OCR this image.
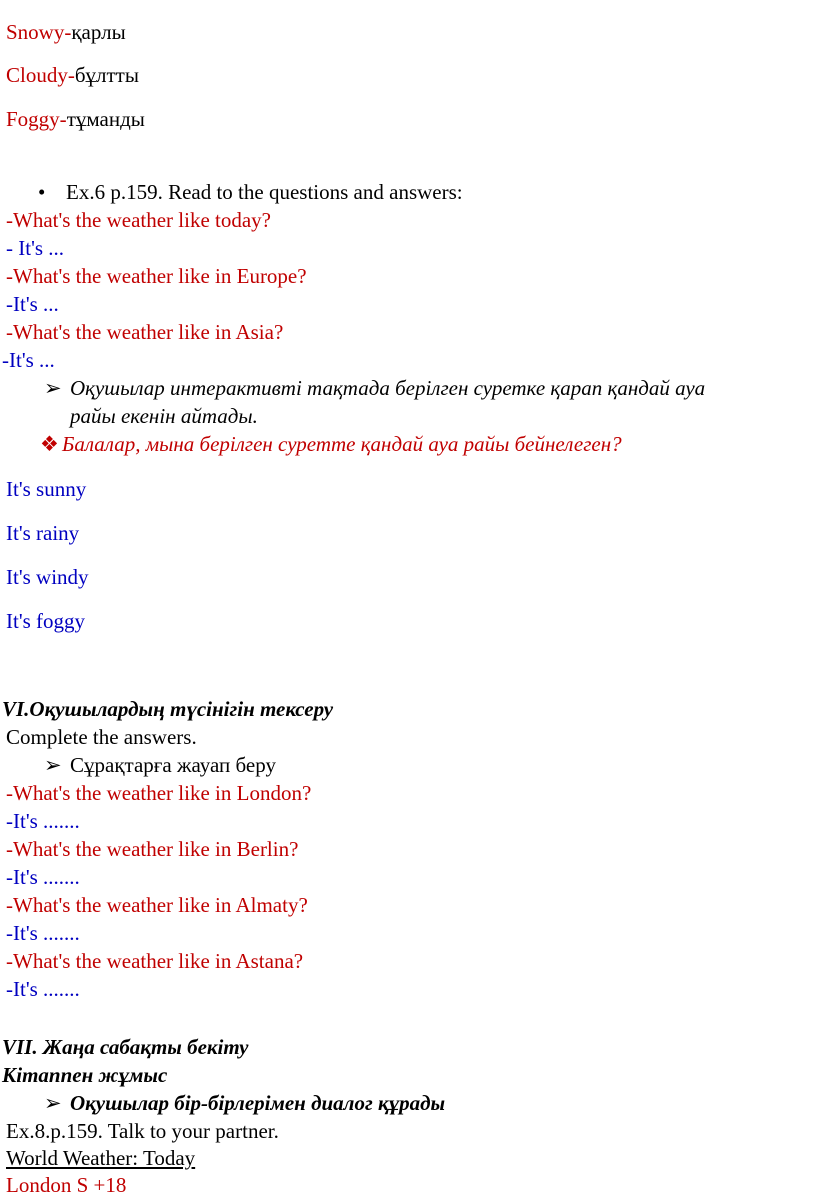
Snowy-қарлы
Cloudy-бұлтты
Foggy-тұманды
• Ex.6 p.159. Read to the questions and answers:
-What's the weather like today?
- It's ...
-What's the weather like in Europe?
-It's ...
-What's the weather like in Asia?
-It's ...
➢ Оқушылар интерактивті тақтада берілген суретке қарап қандай ауа
райы екенін айтады.
❖ Балалар, мына берілген суретте қандай ауа райы бейнелеген?
It's sunny
It's rainy
It's windy
It's foggy
VI.Оқушылардың түсінігін тексеру
Complete the answers.
➢ Сұрақтарға жауап беру
-What's the weather like in London?
-It's .......
-What's the weather like in Berlin?
-It's .......
-What's the weather like in Almaty?
-It's .......
-What's the weather like in Astana?
-It's .......
VII. Жаңа сабақты бекіту
Кітаппен жұмыс
➢ Оқушылар бір-бірлерімен диалог құрады
Ex.8.p.159. Talk to your partner.
World Weather: Today
London S +18
